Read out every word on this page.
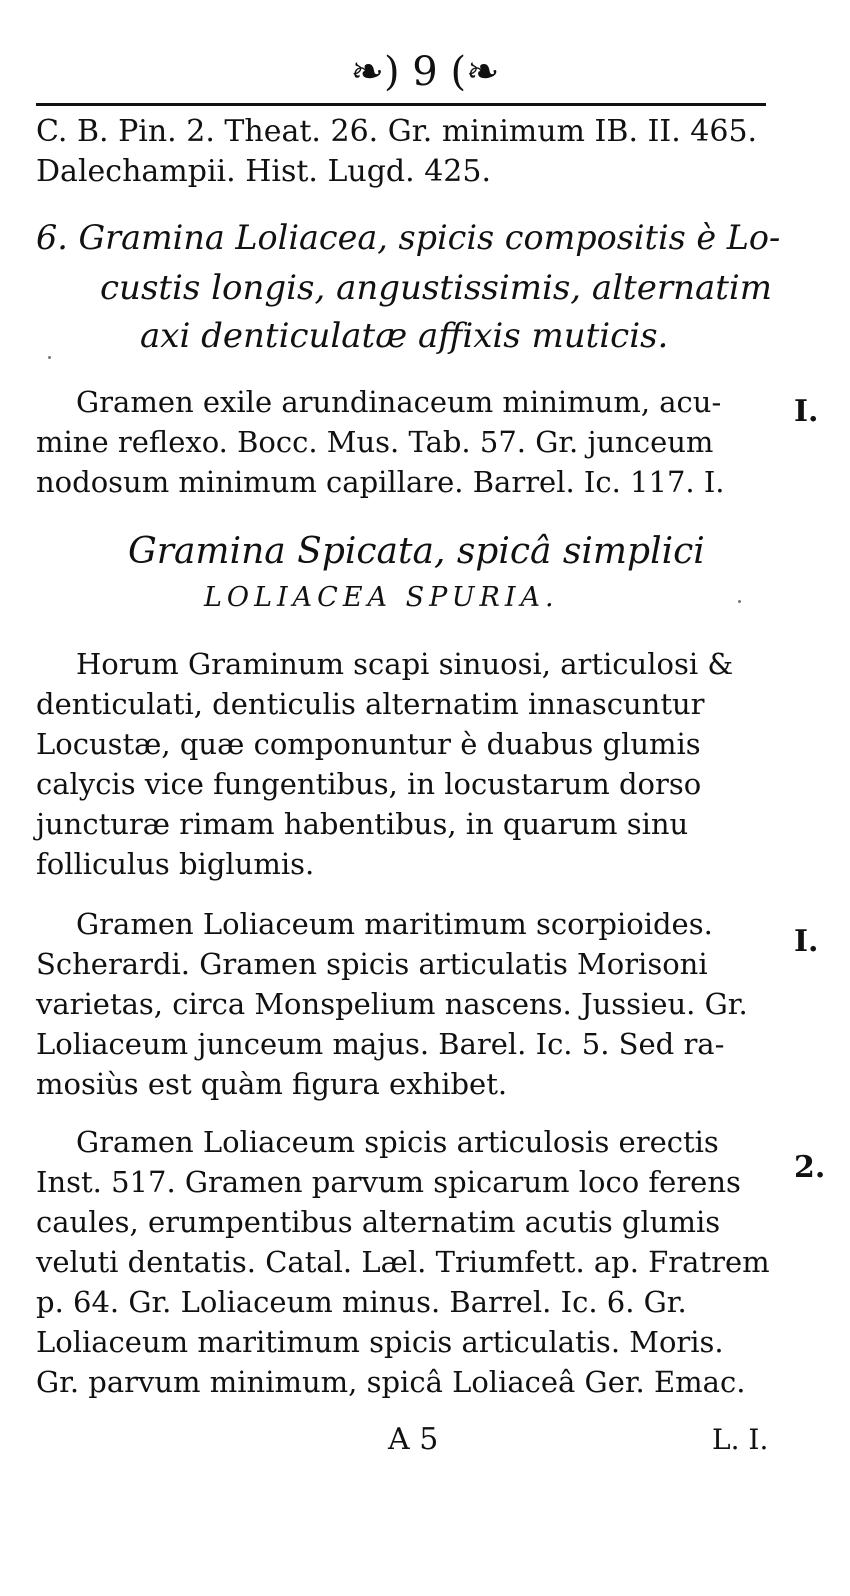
❧) 9 (❧
C. B. Pin. 2. Theat. 26. Gr. minimum IB. II. 465.
Dalechampii. Hist. Lugd. 425.
6. Gramina Loliacea, spicis compositis è Lo-
custis longis, angustissimis, alternatim
axi denticulatæ affixis muticis.
I.
Gramen exile arundinaceum minimum, acu-
mine reflexo. Bocc. Mus. Tab. 57. Gr. junceum
nodosum minimum capillare. Barrel. Ic. 117. I.
Gramina Spicata, spicâ simplici
LOLIACEA SPURIA.
Horum Graminum scapi sinuosi, articulosi &
denticulati, denticulis alternatim innascuntur
Locustæ, quæ componuntur è duabus glumis
calycis vice fungentibus, in locustarum dorso
juncturæ rimam habentibus, in quarum sinu
folliculus biglumis.
I.
Gramen Loliaceum maritimum scorpioides.
Scherardi. Gramen spicis articulatis Morisoni
varietas, circa Monspelium nascens. Jussieu. Gr.
Loliaceum junceum majus. Barel. Ic. 5. Sed ra-
mosiùs est quàm figura exhibet.
2.
Gramen Loliaceum spicis articulosis erectis
Inst. 517. Gramen parvum spicarum loco ferens
caules, erumpentibus alternatim acutis glumis
veluti dentatis. Catal. Læl. Triumfett. ap. Fratrem
p. 64. Gr. Loliaceum minus. Barrel. Ic. 6. Gr.
Loliaceum maritimum spicis articulatis. Moris.
Gr. parvum minimum, spicâ Loliaceâ Ger. Emac.
A 5	L. I.
